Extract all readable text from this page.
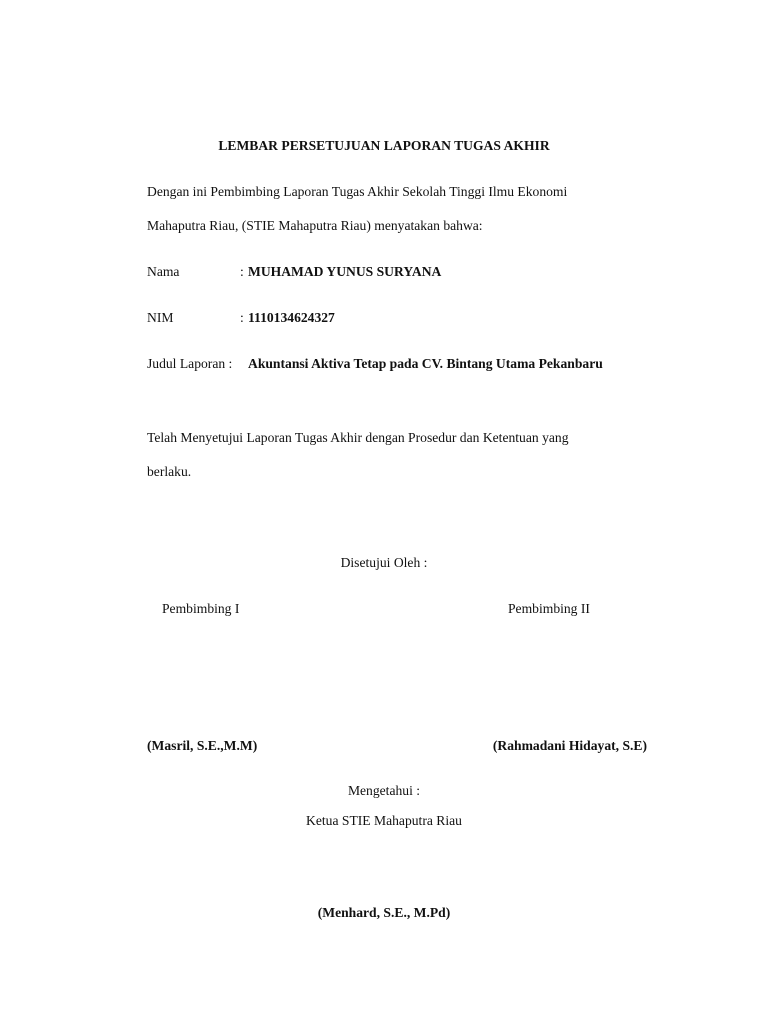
LEMBAR PERSETUJUAN LAPORAN TUGAS AKHIR
Dengan ini Pembimbing Laporan Tugas Akhir Sekolah Tinggi Ilmu Ekonomi
Mahaputra Riau, (STIE Mahaputra Riau) menyatakan bahwa:
Nama	: MUHAMAD YUNUS SURYANA
NIM	: 1110134624327
Judul Laporan : Akuntansi Aktiva Tetap pada CV. Bintang Utama Pekanbaru
Telah Menyetujui Laporan Tugas Akhir dengan Prosedur dan Ketentuan yang
berlaku.
Disetujui Oleh :
Pembimbing I	Pembimbing II
(Masril, S.E.,M.M)	(Rahmadani Hidayat, S.E)
Mengetahui :
Ketua STIE Mahaputra Riau
(Menhard, S.E., M.Pd)
